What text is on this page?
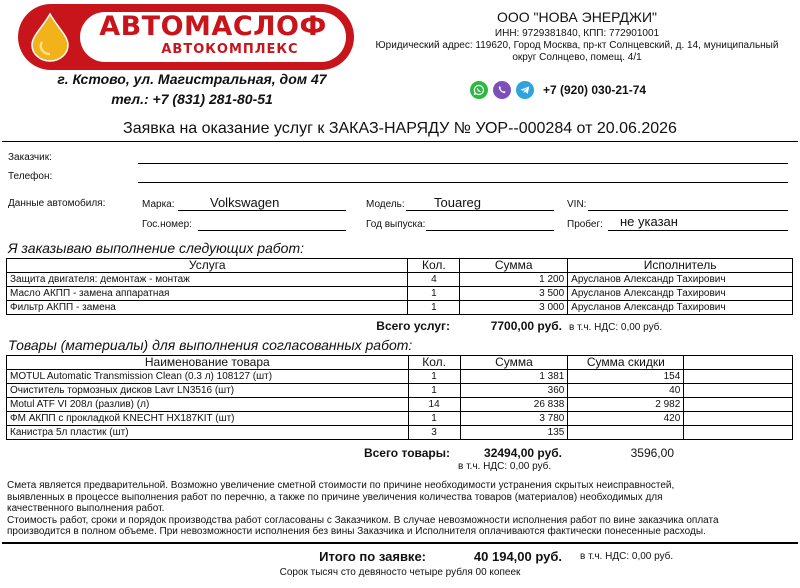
АВТОМАСЛОФ
АВТОКОМПЛЕКС
г. Кстово, ул. Магистральная, дом 47
тел.: +7 (831) 281-80-51
ООО "НОВА ЭНЕРДЖИ"
ИНН: 9729381840, КПП: 772901001
Юридический адрес: 119620, Город Москва, пр-кт Солнцевский, д. 14, муниципальный
округ Солнцево, помещ. 4/1
+7 (920) 030-21-74
Заявка на оказание услуг к ЗАКАЗ-НАРЯДУ № УОР--000284 от 20.06.2026
Заказчик:
Телефон:
Данные автомобиля:	Марка:	Volkswagen	Модель: Touareg	VIN:
Гос.номер:	Год выпуска:	Пробег: не указан
Я заказываю выполнение следующих работ:
Услуга	Кол.	Сумма	Исполнитель
Защита двигателя: демонтаж - монтаж	4	1 200	Арусланов Александр Тахирович
Масло АКПП - замена аппаратная	1	3 500	Арусланов Александр Тахирович
Фильтр АКПП - замена	1	3 000	Арусланов Александр Тахирович
Всего услуг:	7700,00 руб. в т.ч. НДС: 0,00 руб.
Товары (материалы) для выполнения согласованных работ:
Наименование товара	Кол.	Сумма	Сумма скидки	
MOTUL Automatic Transmission Clean (0.3 л) 108127 (шт)	1	1 381	154	
Очиститель тормозных дисков Lavr LN3516 (шт)	1	360	40	
Motul ATF VI 208л (разлив) (л)	14	26 838	2 982	
ФМ АКПП с прокладкой KNECHT HX187KIT (шт)	1	3 780	420	
Канистра 5л пластик (шт)	3	135		
Всего товары:	32494,00 руб.	3596,00
в т.ч. НДС: 0,00 руб.

Смета является предварительной. Возможно увеличение сметной стоимости по причине необходимости устранения скрытых неисправностей, выявленных в процессе выполнения работ по перечню, а также по причине увеличения количества товаров (материалов) необходимых для качественного выполнения работ.

Стоимость работ, сроки и порядок производства работ согласованы с Заказчиком. В случае невозможности исполнения работ по вине заказчика оплата производится в полном объеме. При невозможности исполнения без вины Заказчика и Исполнителя оплачиваются фактически понесенные расходы.

Итого по заявке:	40 194,00 руб. в т.ч. НДС: 0,00 руб.
Сорок тысяч сто девяносто четыре рубля 00 копеек
